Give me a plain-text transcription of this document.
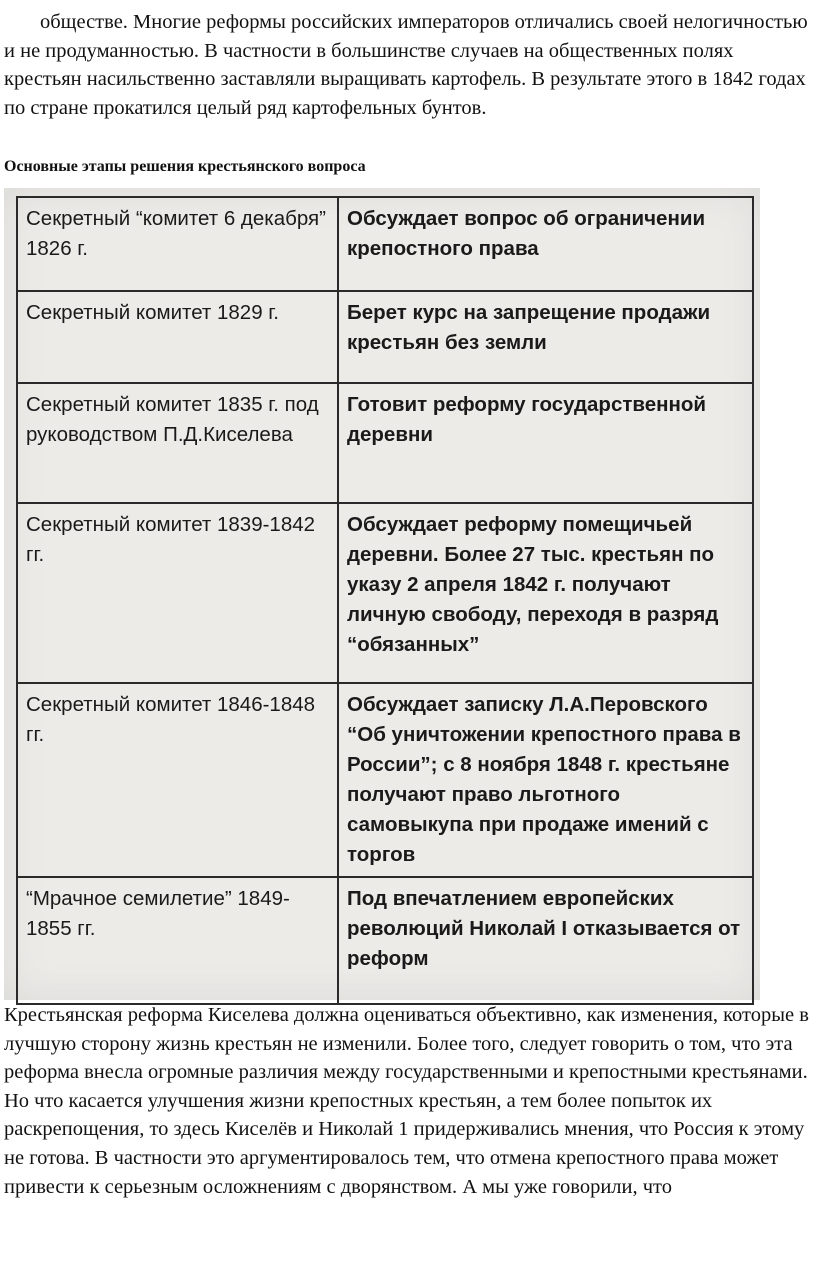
обществе. Многие реформы российских императоров отличались своей нелогичностью и не продуманностью. В частности в большинстве случаев на общественных полях крестьян насильственно заставляли выращивать картофель. В результате этого в 1842 годах по стране прокатился целый ряд картофельных бунтов.

Основные этапы решения крестьянского вопроса

Секретный “комитет 6 декабря” 1826 г.	Обсуждает вопрос об ограничении крепостного права
Секретный комитет 1829 г.	Берет курс на запрещение продажи крестьян без земли
Секретный комитет 1835 г. под руководством П.Д.Киселева	Готовит реформу государственной деревни
Секретный комитет 1839-1842 гг.	Обсуждает реформу помещичьей деревни. Более 27 тыс. крестьян по указу 2 апреля 1842 г. получают личную свободу, переходя в разряд “обязанных”
Секретный комитет 1846-1848 гг.	Обсуждает записку Л.А.Перовского “Об уничтожении крепостного права в России”; с 8 ноября 1848 г. крестьяне получают право льготного самовыкупа при продаже имений с торгов
“Мрачное семилетие” 1849-1855 гг.	Под впечатлением европейских революций Николай I отказывается от реформ

Крестьянская реформа Киселева должна оцениваться объективно, как изменения, которые в лучшую сторону жизнь крестьян не изменили. Более того, следует говорить о том, что эта реформа внесла огромные различия между государственными и крепостными крестьянами. Но что касается улучшения жизни крепостных крестьян, а тем более попыток их раскрепощения, то здесь Киселёв и Николай 1 придерживались мнения, что Россия к этому не готова. В частности это аргументировалось тем, что отмена крепостного права может привести к серьезным осложнениям с дворянством. А мы уже говорили, что
